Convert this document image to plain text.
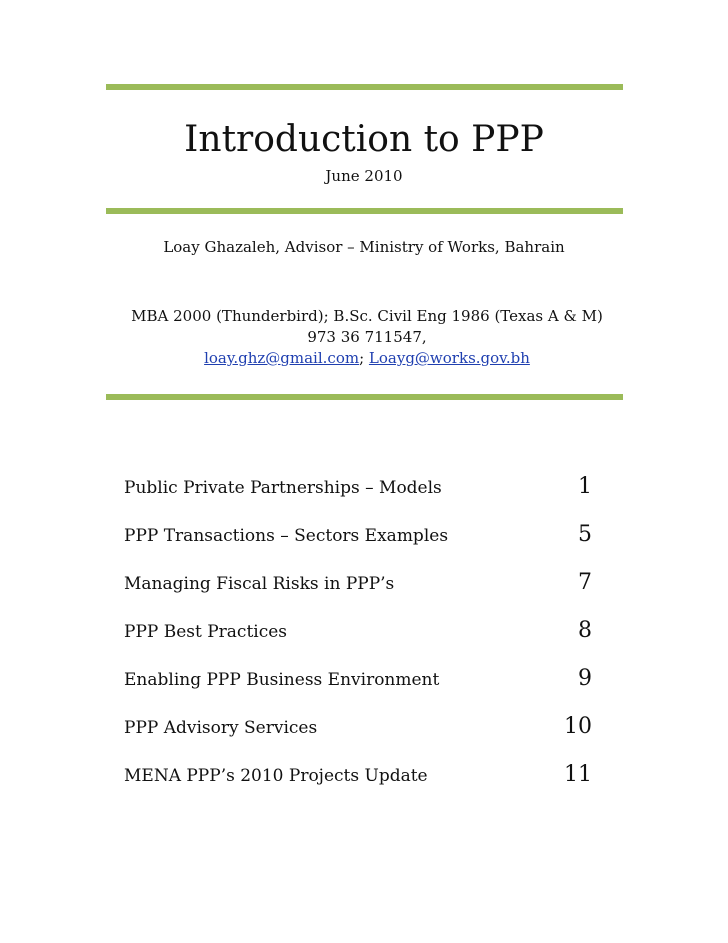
Introduction to PPP
June 2010
Loay Ghazaleh, Advisor – Ministry of Works, Bahrain
MBA 2000 (Thunderbird); B.Sc. Civil Eng 1986 (Texas A & M)
973 36 711547,
loay.ghz@gmail.com; Loayg@works.gov.bh
Public Private Partnerships – Models	1
PPP Transactions – Sectors Examples	5
Managing Fiscal Risks in PPP’s	7
PPP Best Practices	8
Enabling PPP Business Environment	9
PPP Advisory Services	10
MENA PPP’s 2010 Projects Update	11
